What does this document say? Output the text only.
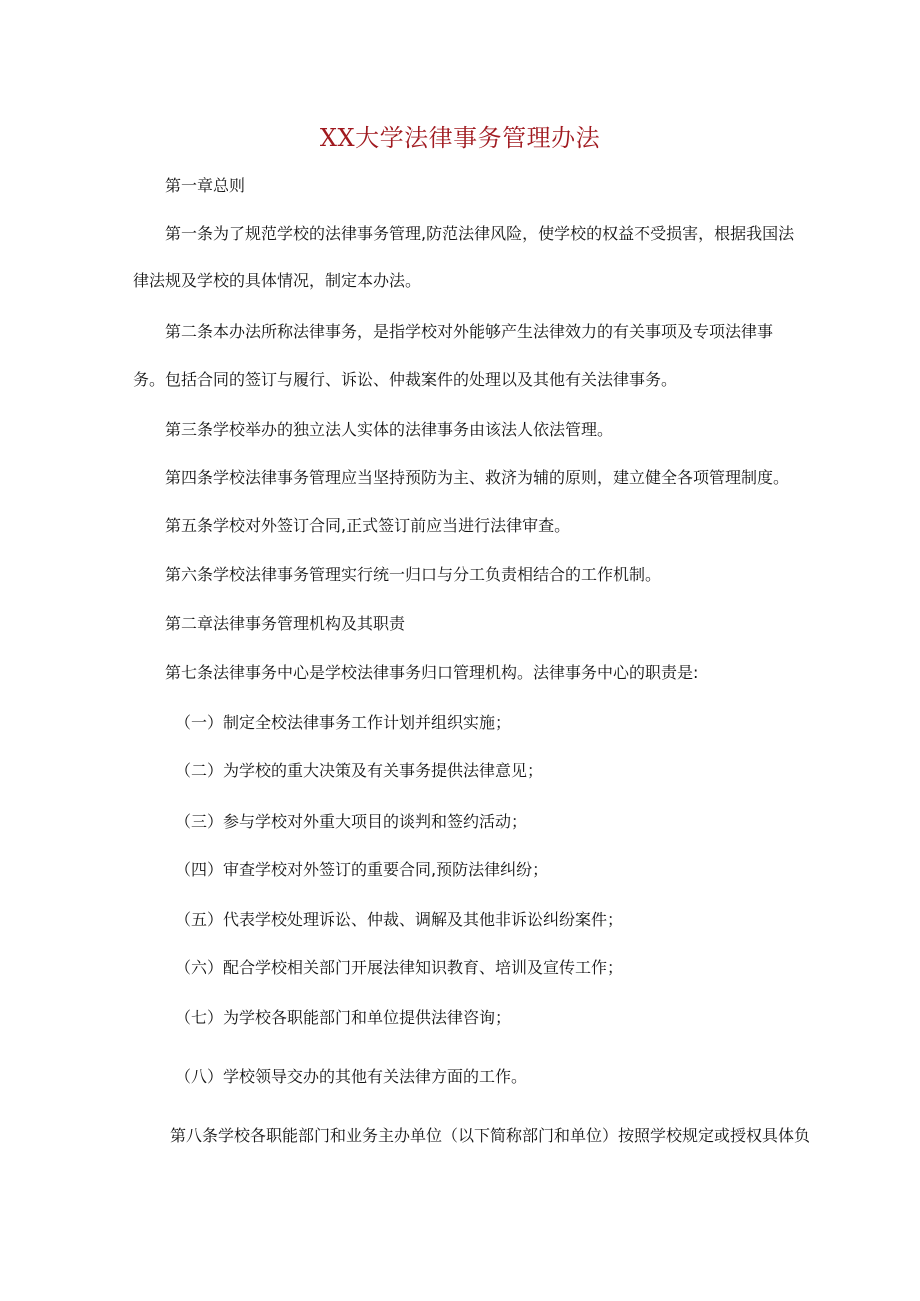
XX大学法律事务管理办法
第一章总则
第一条为了规范学校的法律事务管理,防范法律风险，使学校的权益不受损害，根据我国法
律法规及学校的具体情况，制定本办法。
第二条本办法所称法律事务，是指学校对外能够产生法律效力的有关事项及专项法律事
务。包括合同的签订与履行、诉讼、仲裁案件的处理以及其他有关法律事务。
第三条学校举办的独立法人实体的法律事务由该法人依法管理。
第四条学校法律事务管理应当坚持预防为主、救济为辅的原则，建立健全各项管理制度。
第五条学校对外签订合同,正式签订前应当进行法律审查。
第六条学校法律事务管理实行统一归口与分工负责相结合的工作机制。
第二章法律事务管理机构及其职责
第七条法律事务中心是学校法律事务归口管理机构。法律事务中心的职责是:
（一）制定全校法律事务工作计划并组织实施；
（二）为学校的重大决策及有关事务提供法律意见；
（三）参与学校对外重大项目的谈判和签约活动；
（四）审查学校对外签订的重要合同,预防法律纠纷；
（五）代表学校处理诉讼、仲裁、调解及其他非诉讼纠纷案件；
（六）配合学校相关部门开展法律知识教育、培训及宣传工作；
（七）为学校各职能部门和单位提供法律咨询；
（八）学校领导交办的其他有关法律方面的工作。
第八条学校各职能部门和业务主办单位（以下简称部门和单位）按照学校规定或授权具体负
